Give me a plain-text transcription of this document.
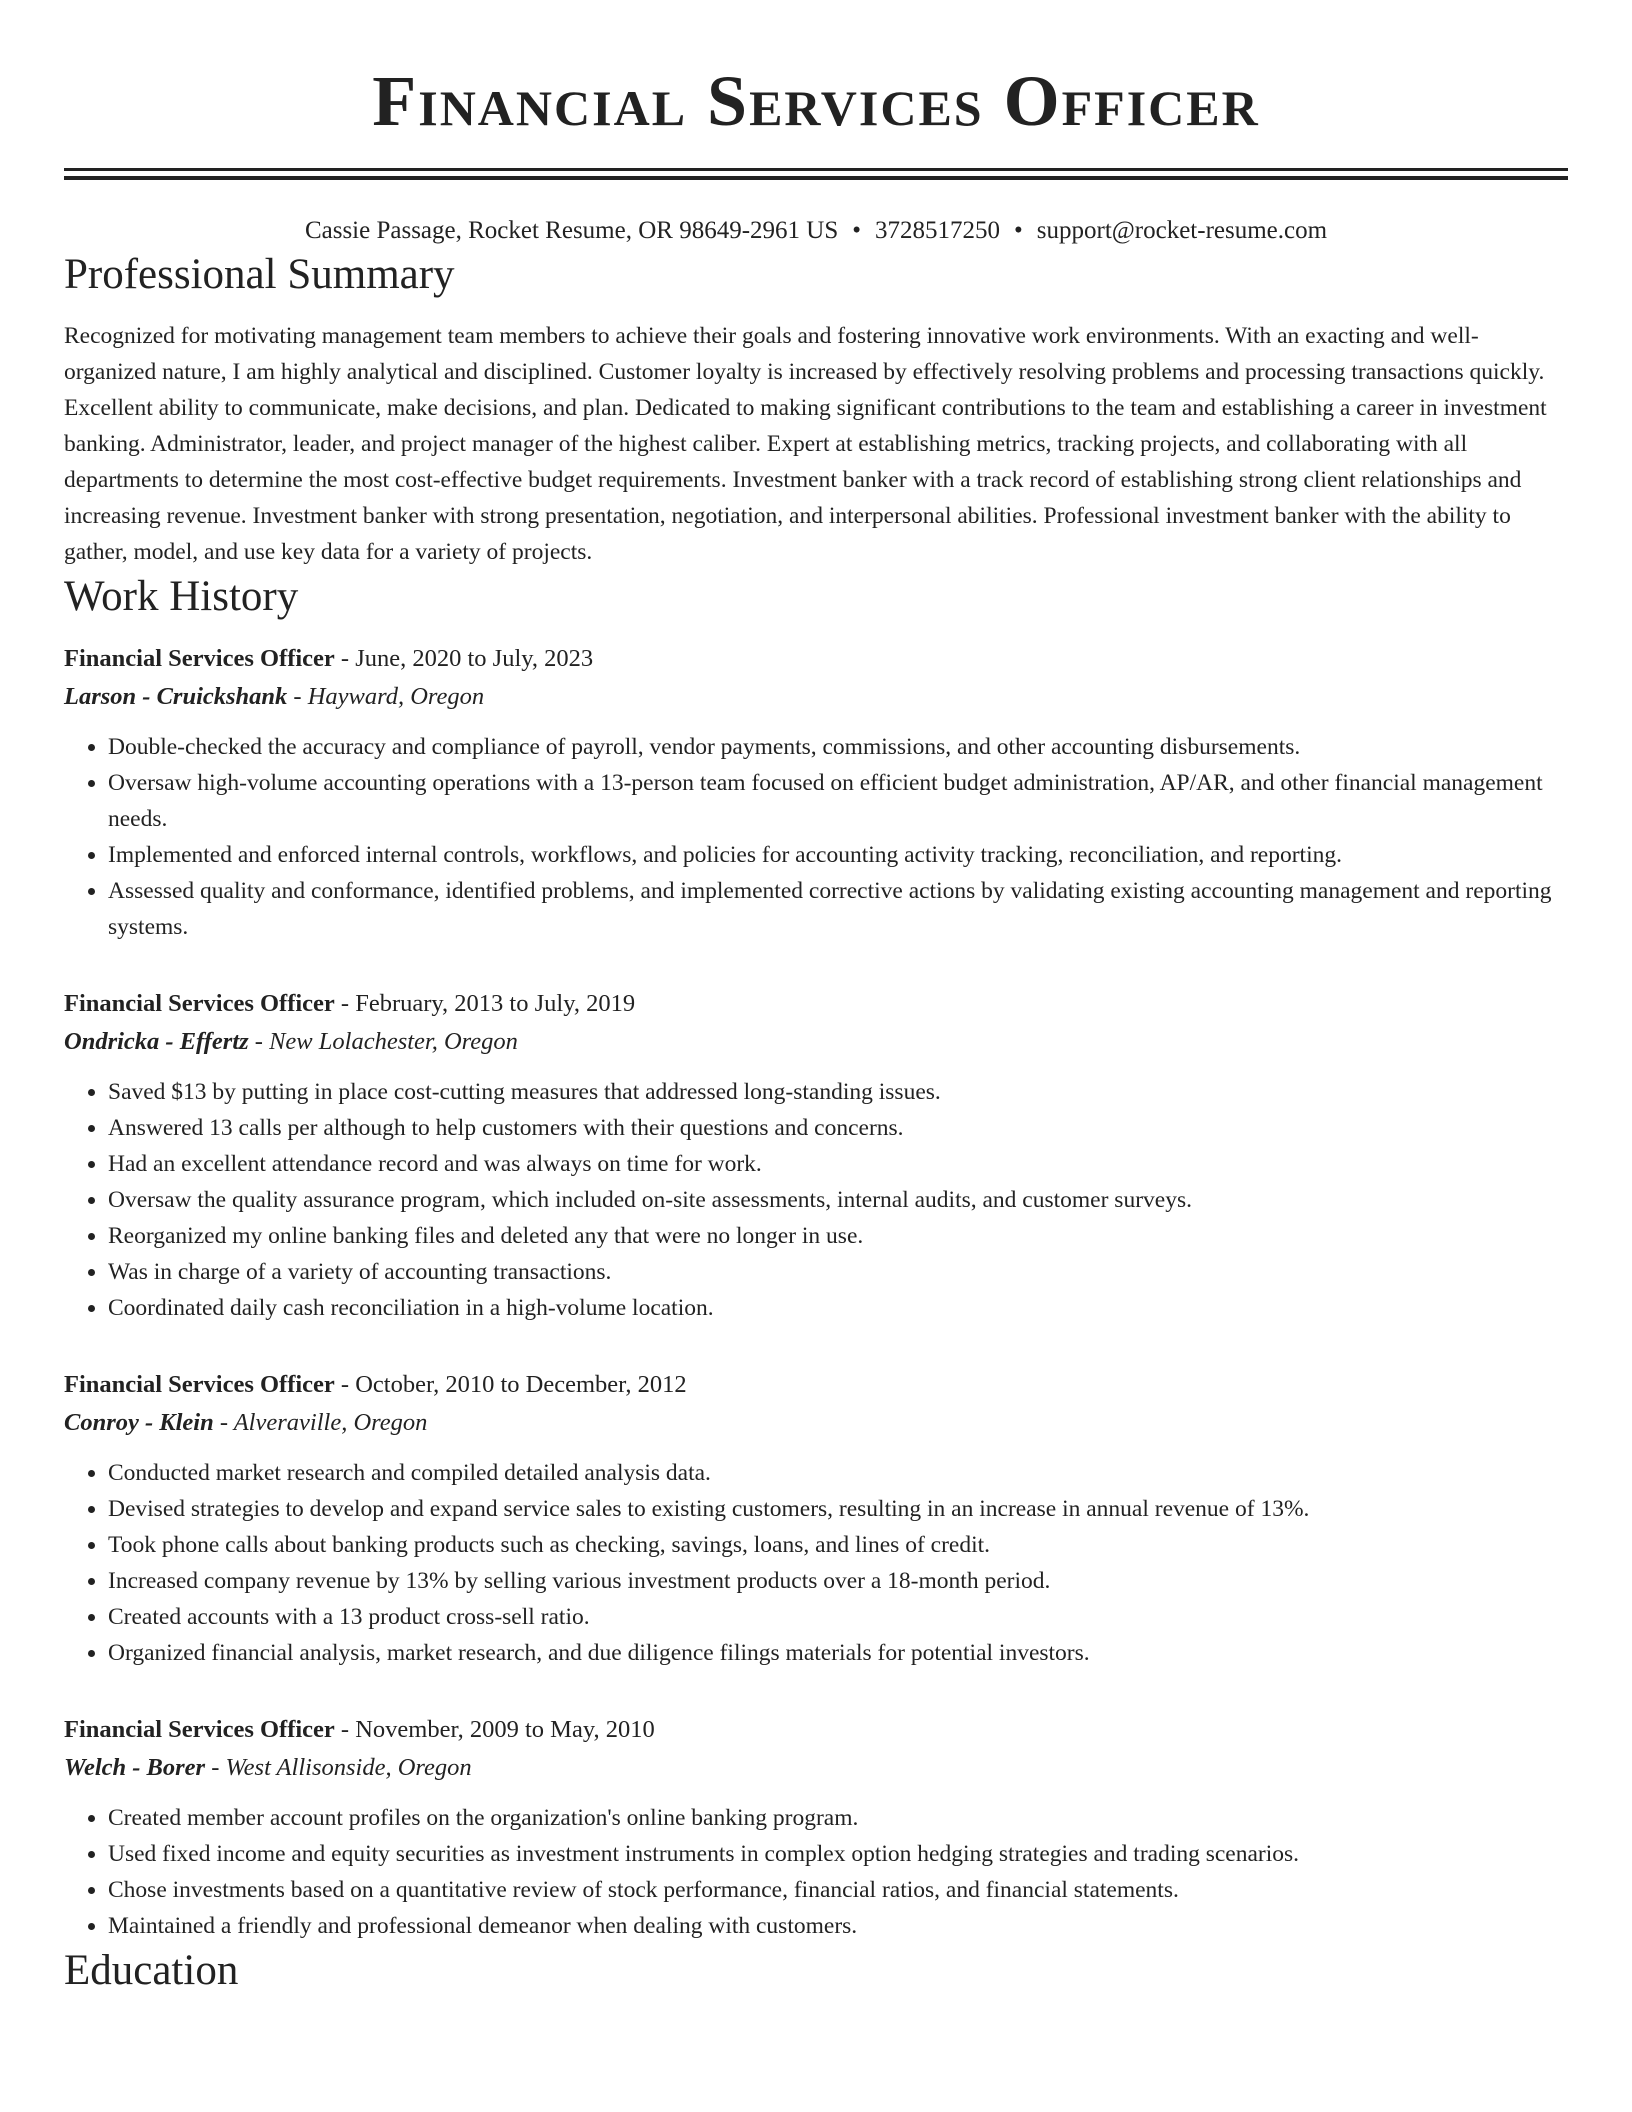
Financial Services Officer
Cassie Passage, Rocket Resume, OR 98649-2961 US • 3728517250 • support@rocket-resume.com
Professional Summary

Recognized for motivating management team members to achieve their goals and fostering innovative work environments. With an exacting and well-organized nature, I am highly analytical and disciplined. Customer loyalty is increased by effectively resolving problems and processing transactions quickly. Excellent ability to communicate, make decisions, and plan. Dedicated to making significant contributions to the team and establishing a career in investment banking. Administrator, leader, and project manager of the highest caliber. Expert at establishing metrics, tracking projects, and collaborating with all departments to determine the most cost-effective budget requirements. Investment banker with a track record of establishing strong client relationships and increasing revenue. Investment banker with strong presentation, negotiation, and interpersonal abilities. Professional investment banker with the ability to gather, model, and use key data for a variety of projects.

Work History
Financial Services Officer - June, 2020 to July, 2023
Larson - Cruickshank - Hayward, Oregon
• Double-checked the accuracy and compliance of payroll, vendor payments, commissions, and other accounting disbursements.
• Oversaw high-volume accounting operations with a 13-person team focused on efficient budget administration, AP/AR, and other financial management needs.
• Implemented and enforced internal controls, workflows, and policies for accounting activity tracking, reconciliation, and reporting.
• Assessed quality and conformance, identified problems, and implemented corrective actions by validating existing accounting management and reporting systems.
Financial Services Officer - February, 2013 to July, 2019
Ondricka - Effertz - New Lolachester, Oregon
• Saved $13 by putting in place cost-cutting measures that addressed long-standing issues.
• Answered 13 calls per although to help customers with their questions and concerns.
• Had an excellent attendance record and was always on time for work.
• Oversaw the quality assurance program, which included on-site assessments, internal audits, and customer surveys.
• Reorganized my online banking files and deleted any that were no longer in use.
• Was in charge of a variety of accounting transactions.
• Coordinated daily cash reconciliation in a high-volume location.
Financial Services Officer - October, 2010 to December, 2012
Conroy - Klein - Alveraville, Oregon
• Conducted market research and compiled detailed analysis data.
• Devised strategies to develop and expand service sales to existing customers, resulting in an increase in annual revenue of 13%.
• Took phone calls about banking products such as checking, savings, loans, and lines of credit.
• Increased company revenue by 13% by selling various investment products over a 18-month period.
• Created accounts with a 13 product cross-sell ratio.
• Organized financial analysis, market research, and due diligence filings materials for potential investors.
Financial Services Officer - November, 2009 to May, 2010
Welch - Borer - West Allisonside, Oregon
• Created member account profiles on the organization's online banking program.
• Used fixed income and equity securities as investment instruments in complex option hedging strategies and trading scenarios.
• Chose investments based on a quantitative review of stock performance, financial ratios, and financial statements.
• Maintained a friendly and professional demeanor when dealing with customers.
Education
